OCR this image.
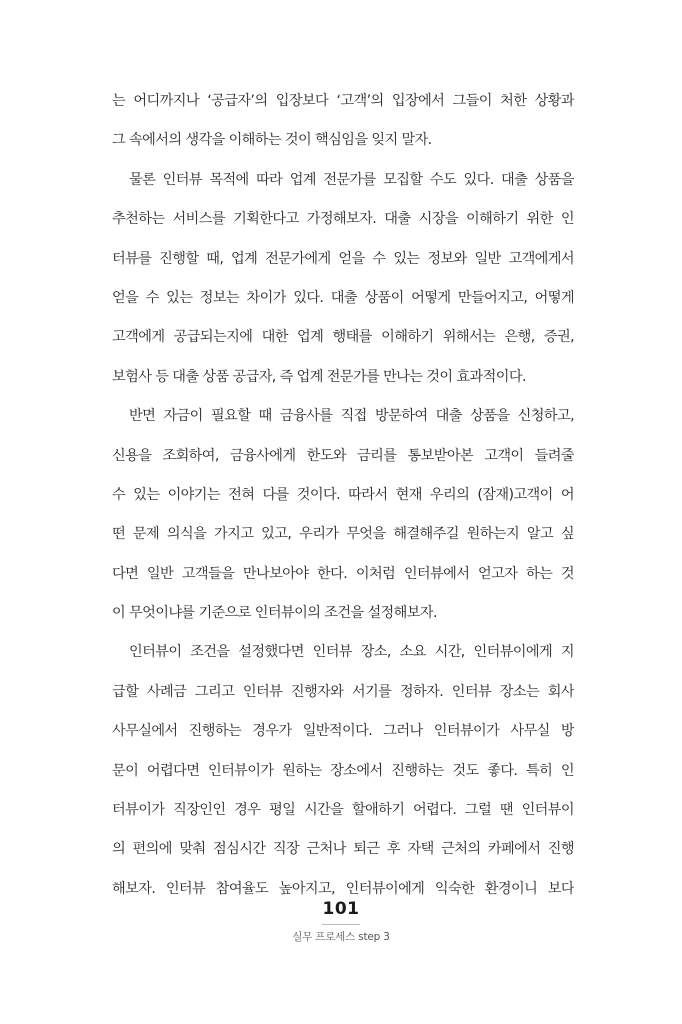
는 어디까지나 ‘공급자’의 입장보다 ‘고객’의 입장에서 그들이 처한 상황과
그 속에서의 생각을 이해하는 것이 핵심임을 잊지 말자.
물론 인터뷰 목적에 따라 업계 전문가를 모집할 수도 있다. 대출 상품을
추천하는 서비스를 기획한다고 가정해보자. 대출 시장을 이해하기 위한 인
터뷰를 진행할 때, 업계 전문가에게 얻을 수 있는 정보와 일반 고객에게서
얻을 수 있는 정보는 차이가 있다. 대출 상품이 어떻게 만들어지고, 어떻게
고객에게 공급되는지에 대한 업계 행태를 이해하기 위해서는 은행, 증권,
보험사 등 대출 상품 공급자, 즉 업계 전문가를 만나는 것이 효과적이다.
반면 자금이 필요할 때 금융사를 직접 방문하여 대출 상품을 신청하고,
신용을 조회하여, 금융사에게 한도와 금리를 통보받아본 고객이 들려줄
수 있는 이야기는 전혀 다를 것이다. 따라서 현재 우리의 (잠재)고객이 어
떤 문제 의식을 가지고 있고, 우리가 무엇을 해결해주길 원하는지 알고 싶
다면 일반 고객들을 만나보아야 한다. 이처럼 인터뷰에서 얻고자 하는 것
이 무엇이냐를 기준으로 인터뷰이의 조건을 설정해보자.
인터뷰이 조건을 설정했다면 인터뷰 장소, 소요 시간, 인터뷰이에게 지
급할 사례금 그리고 인터뷰 진행자와 서기를 정하자. 인터뷰 장소는 회사
사무실에서 진행하는 경우가 일반적이다. 그러나 인터뷰이가 사무실 방
문이 어렵다면 인터뷰이가 원하는 장소에서 진행하는 것도 좋다. 특히 인
터뷰이가 직장인인 경우 평일 시간을 할애하기 어렵다. 그럴 땐 인터뷰이
의 편의에 맞춰 점심시간 직장 근처나 퇴근 후 자택 근처의 카페에서 진행
해보자. 인터뷰 참여율도 높아지고, 인터뷰이에게 익숙한 환경이니 보다
101
실무 프로세스 step 3
